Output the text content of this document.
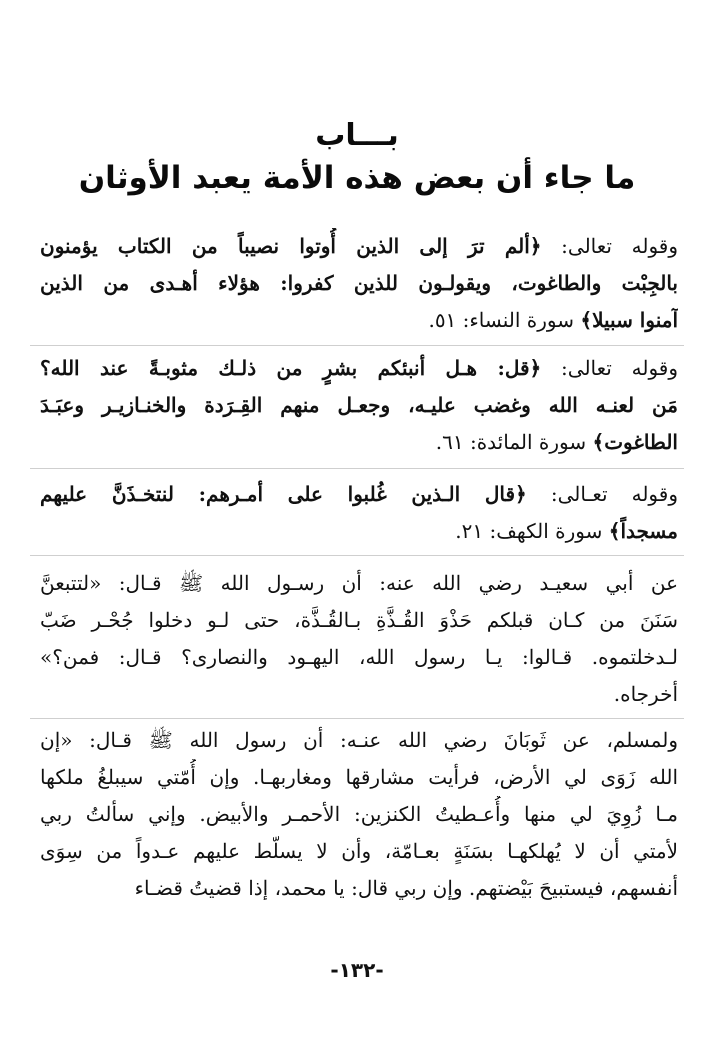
بـــاب
ما جاء أن بعض هذه الأمة يعبد الأوثان
وقوله تعالى: ﴿ألم ترَ إلى الذين أُوتوا نصيباً من الكتاب يؤمنون
بالجِبْت والطاغوت، ويقولـون للذين كفروا: هؤلاء أهـدى من الذين
آمنوا سبيلا﴾ سورة النساء: ٥١.
وقوله تعالى: ﴿قل: هـل أنبئكم بشرٍ من ذلـك مثوبـةً عند الله؟
مَن لعنـه الله وغضب عليـه، وجعـل منهم القِـرَدة والخنـازيـر وعبَـدَ
الطاغوت﴾ سورة المائدة: ٦١.
وقوله تعـالى: ﴿قال الـذين غُلبوا على أمـرهم: لنتخـذَنَّ عليهم
مسجداً﴾ سورة الكهف: ٢١.
عن أبي سعيـد رضي الله عنه: أن رسـول الله ﷺ قـال: «لتتبعنَّ
سَنَنَ من كـان قبلكم حَذْوَ القُـذَّةِ بـالقُـذَّة، حتى لـو دخلوا جُحْـر ضَبّ
لـدخلتموه. قـالوا: يـا رسول الله، اليهـود والنصارى؟ قـال: فمن؟»
أخرجاه.
ولمسلم، عن ثَوبَانَ رضي الله عنـه: أن رسول الله ﷺ قـال: «إن
الله زَوَى لي الأرض، فرأيت مشارقها ومغاربهـا. وإن أُمّتي سيبلغُ ملكها
مـا زُوِيَ لي منها وأُعـطيتُ الكنزين: الأحمـر والأبيض. وإني سألتُ ربي
لأمتي أن لا يُهلكهـا بسَنَةٍ بعـامّة، وأن لا يسلّط عليهم عـدواً من سِوَى
أنفسهم، فيستبيحَ بَيْضتهم. وإن ربي قال: يا محمد، إذا قضيتُ قضـاء
-١٣٢-
